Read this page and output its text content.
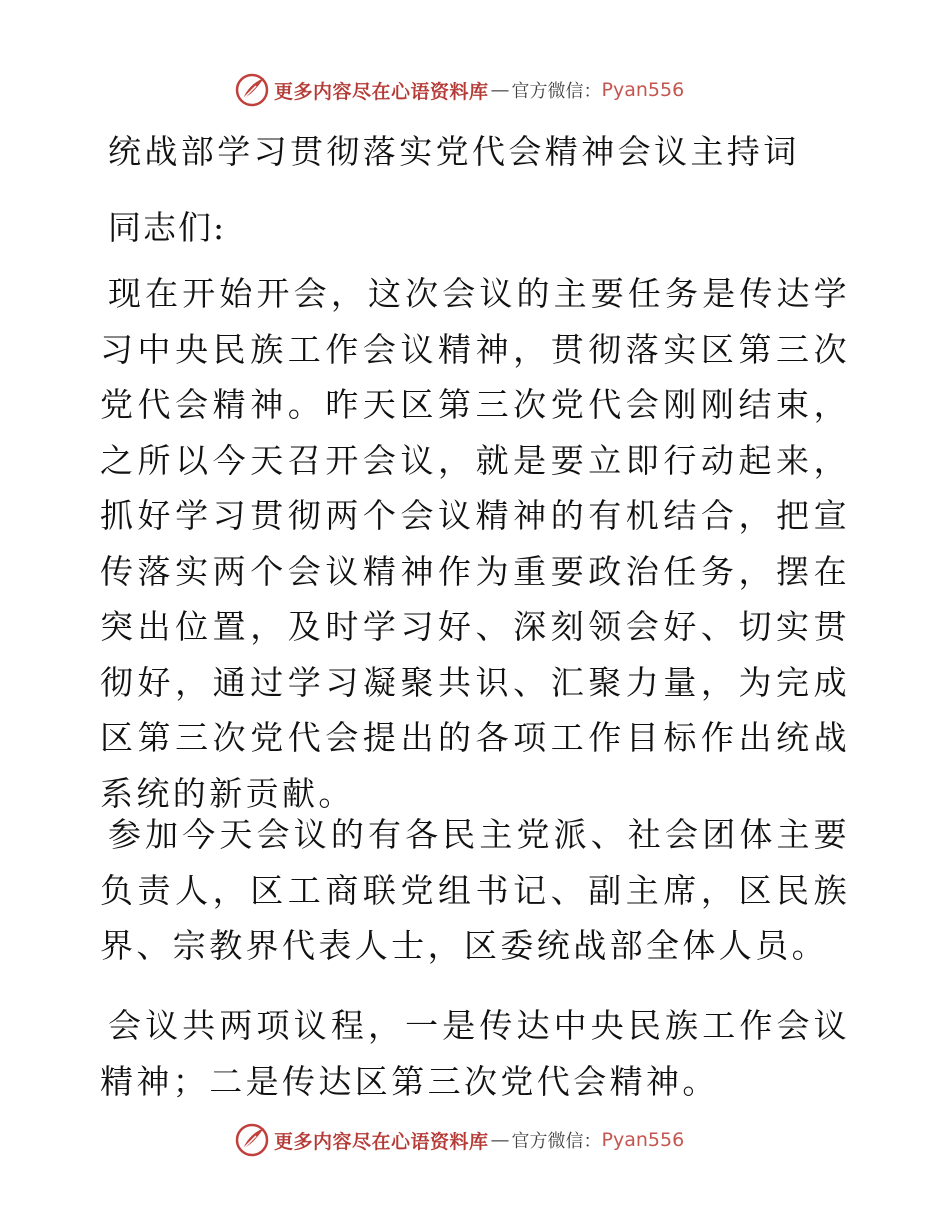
更多内容尽在心语资料库 — 官方微信： Pyan556
统战部学习贯彻落实党代会精神会议主持词
同志们:

现在开始开会，这次会议的主要任务是传达学习中央民族工作会议精神，贯彻落实区第三次党代会精神。昨天区第三次党代会刚刚结束，之所以今天召开会议，就是要立即行动起来，抓好学习贯彻两个会议精神的有机结合，把宣传落实两个会议精神作为重要政治任务，摆在突出位置，及时学习好、深刻领会好、切实贯彻好，通过学习凝聚共识、汇聚力量，为完成区第三次党代会提出的各项工作目标作出统战系统的新贡献。

参加今天会议的有各民主党派、社会团体主要负责人，区工商联党组书记、副主席，区民族界、宗教界代表人士，区委统战部全体人员。

会议共两项议程，一是传达中央民族工作会议精神；二是传达区第三次党代会精神。

更多内容尽在心语资料库 — 官方微信： Pyan556
